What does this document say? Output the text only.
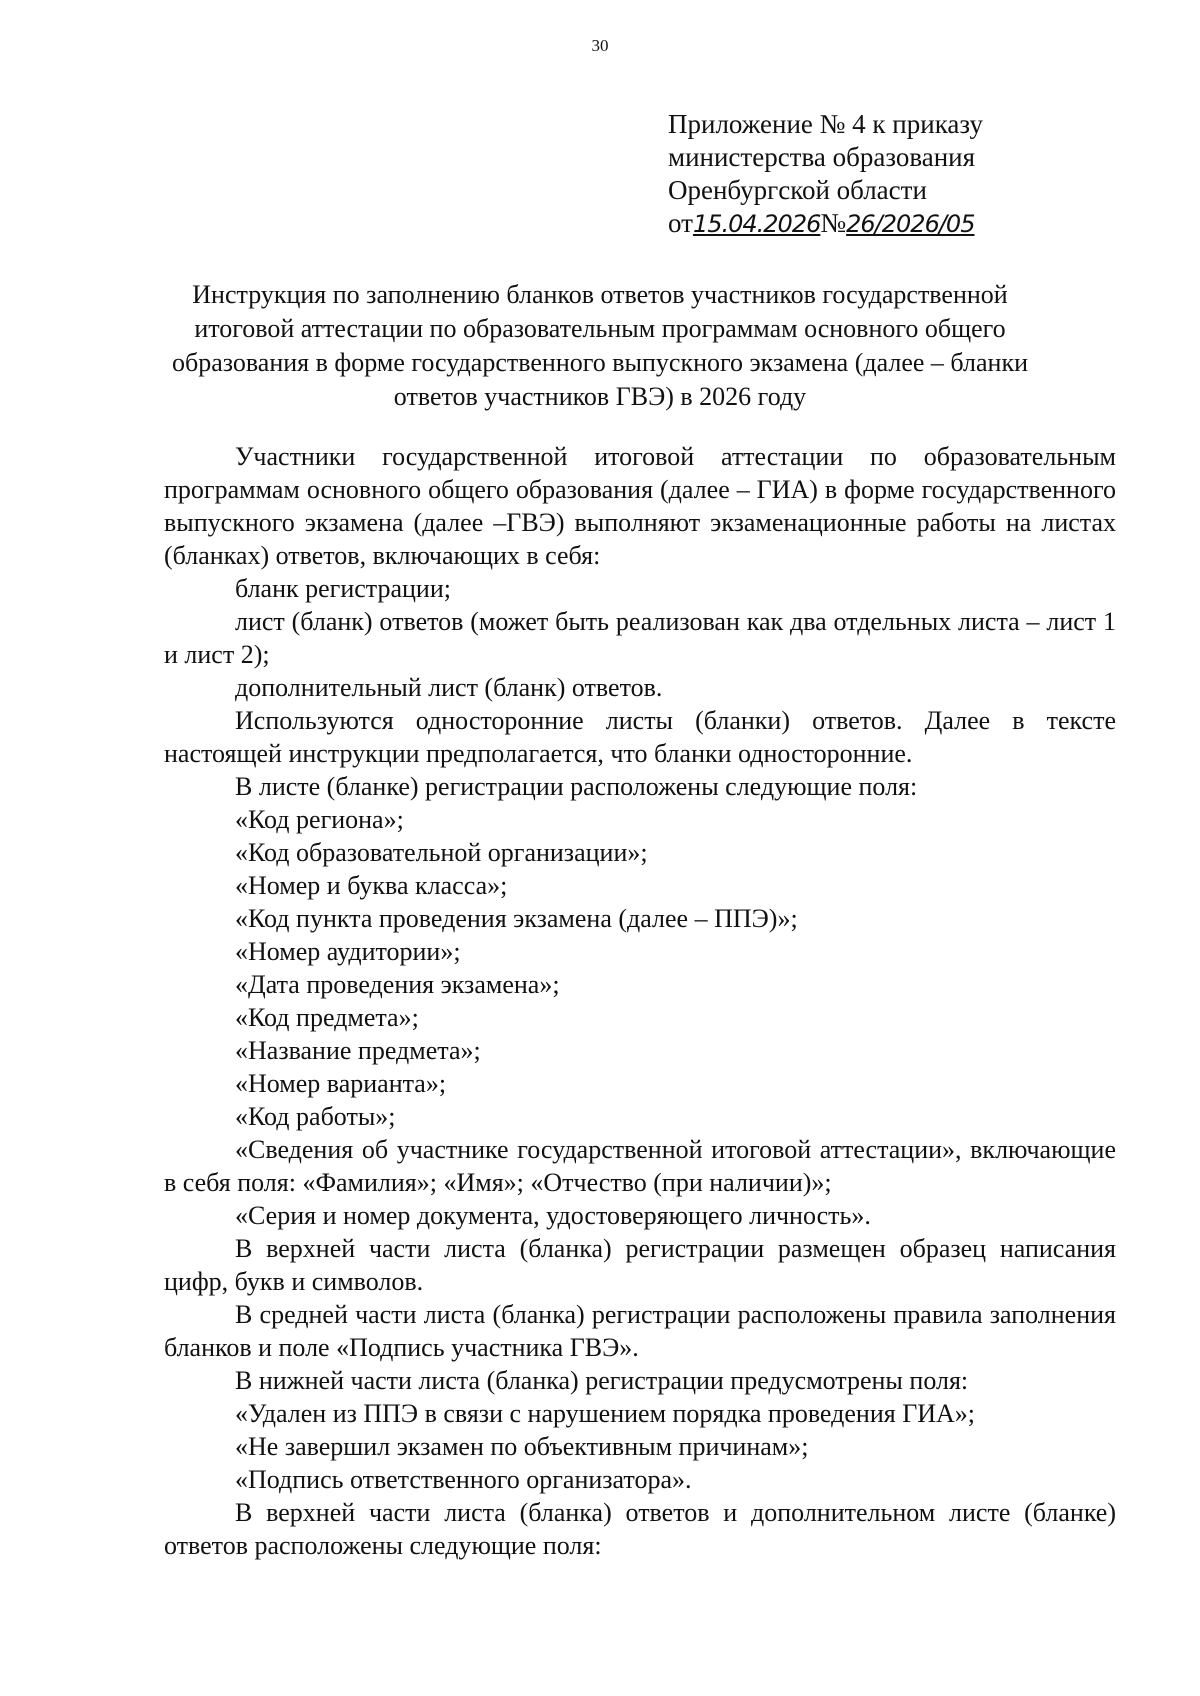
30
Приложение № 4 к приказу
министерства образования
Оренбургской области
от15.04.2026№26/2026/05
Инструкция по заполнению бланков ответов участников государственной итоговой аттестации по образовательным программам основного общего образования в форме государственного выпускного экзамена (далее – бланки ответов участников ГВЭ) в 2026 году

Участники государственной итоговой аттестации по образовательным программам основного общего образования (далее – ГИА) в форме государственного выпускного экзамена (далее –ГВЭ) выполняют экзаменационные работы на листах (бланках) ответов, включающих в себя:

бланк регистрации;

лист (бланк) ответов (может быть реализован как два отдельных листа – лист 1 и лист 2);

дополнительный лист (бланк) ответов.

Используются односторонние листы (бланки) ответов. Далее в тексте настоящей инструкции предполагается, что бланки односторонние.

В листе (бланке) регистрации расположены следующие поля:

«Код региона»;

«Код образовательной организации»;

«Номер и буква класса»;

«Код пункта проведения экзамена (далее – ППЭ)»;

«Номер аудитории»;

«Дата проведения экзамена»;

«Код предмета»;

«Название предмета»;

«Номер варианта»;

«Код работы»;

«Сведения об участнике государственной итоговой аттестации», включающие в себя поля: «Фамилия»; «Имя»; «Отчество (при наличии)»;

«Серия и номер документа, удостоверяющего личность».

В верхней части листа (бланка) регистрации размещен образец написания цифр, букв и символов.

В средней части листа (бланка) регистрации расположены правила заполнения бланков и поле «Подпись участника ГВЭ».

В нижней части листа (бланка) регистрации предусмотрены поля:

«Удален из ППЭ в связи с нарушением порядка проведения ГИА»;

«Не завершил экзамен по объективным причинам»;

«Подпись ответственного организатора».

В верхней части листа (бланка) ответов и дополнительном листе (бланке) ответов расположены следующие поля:
